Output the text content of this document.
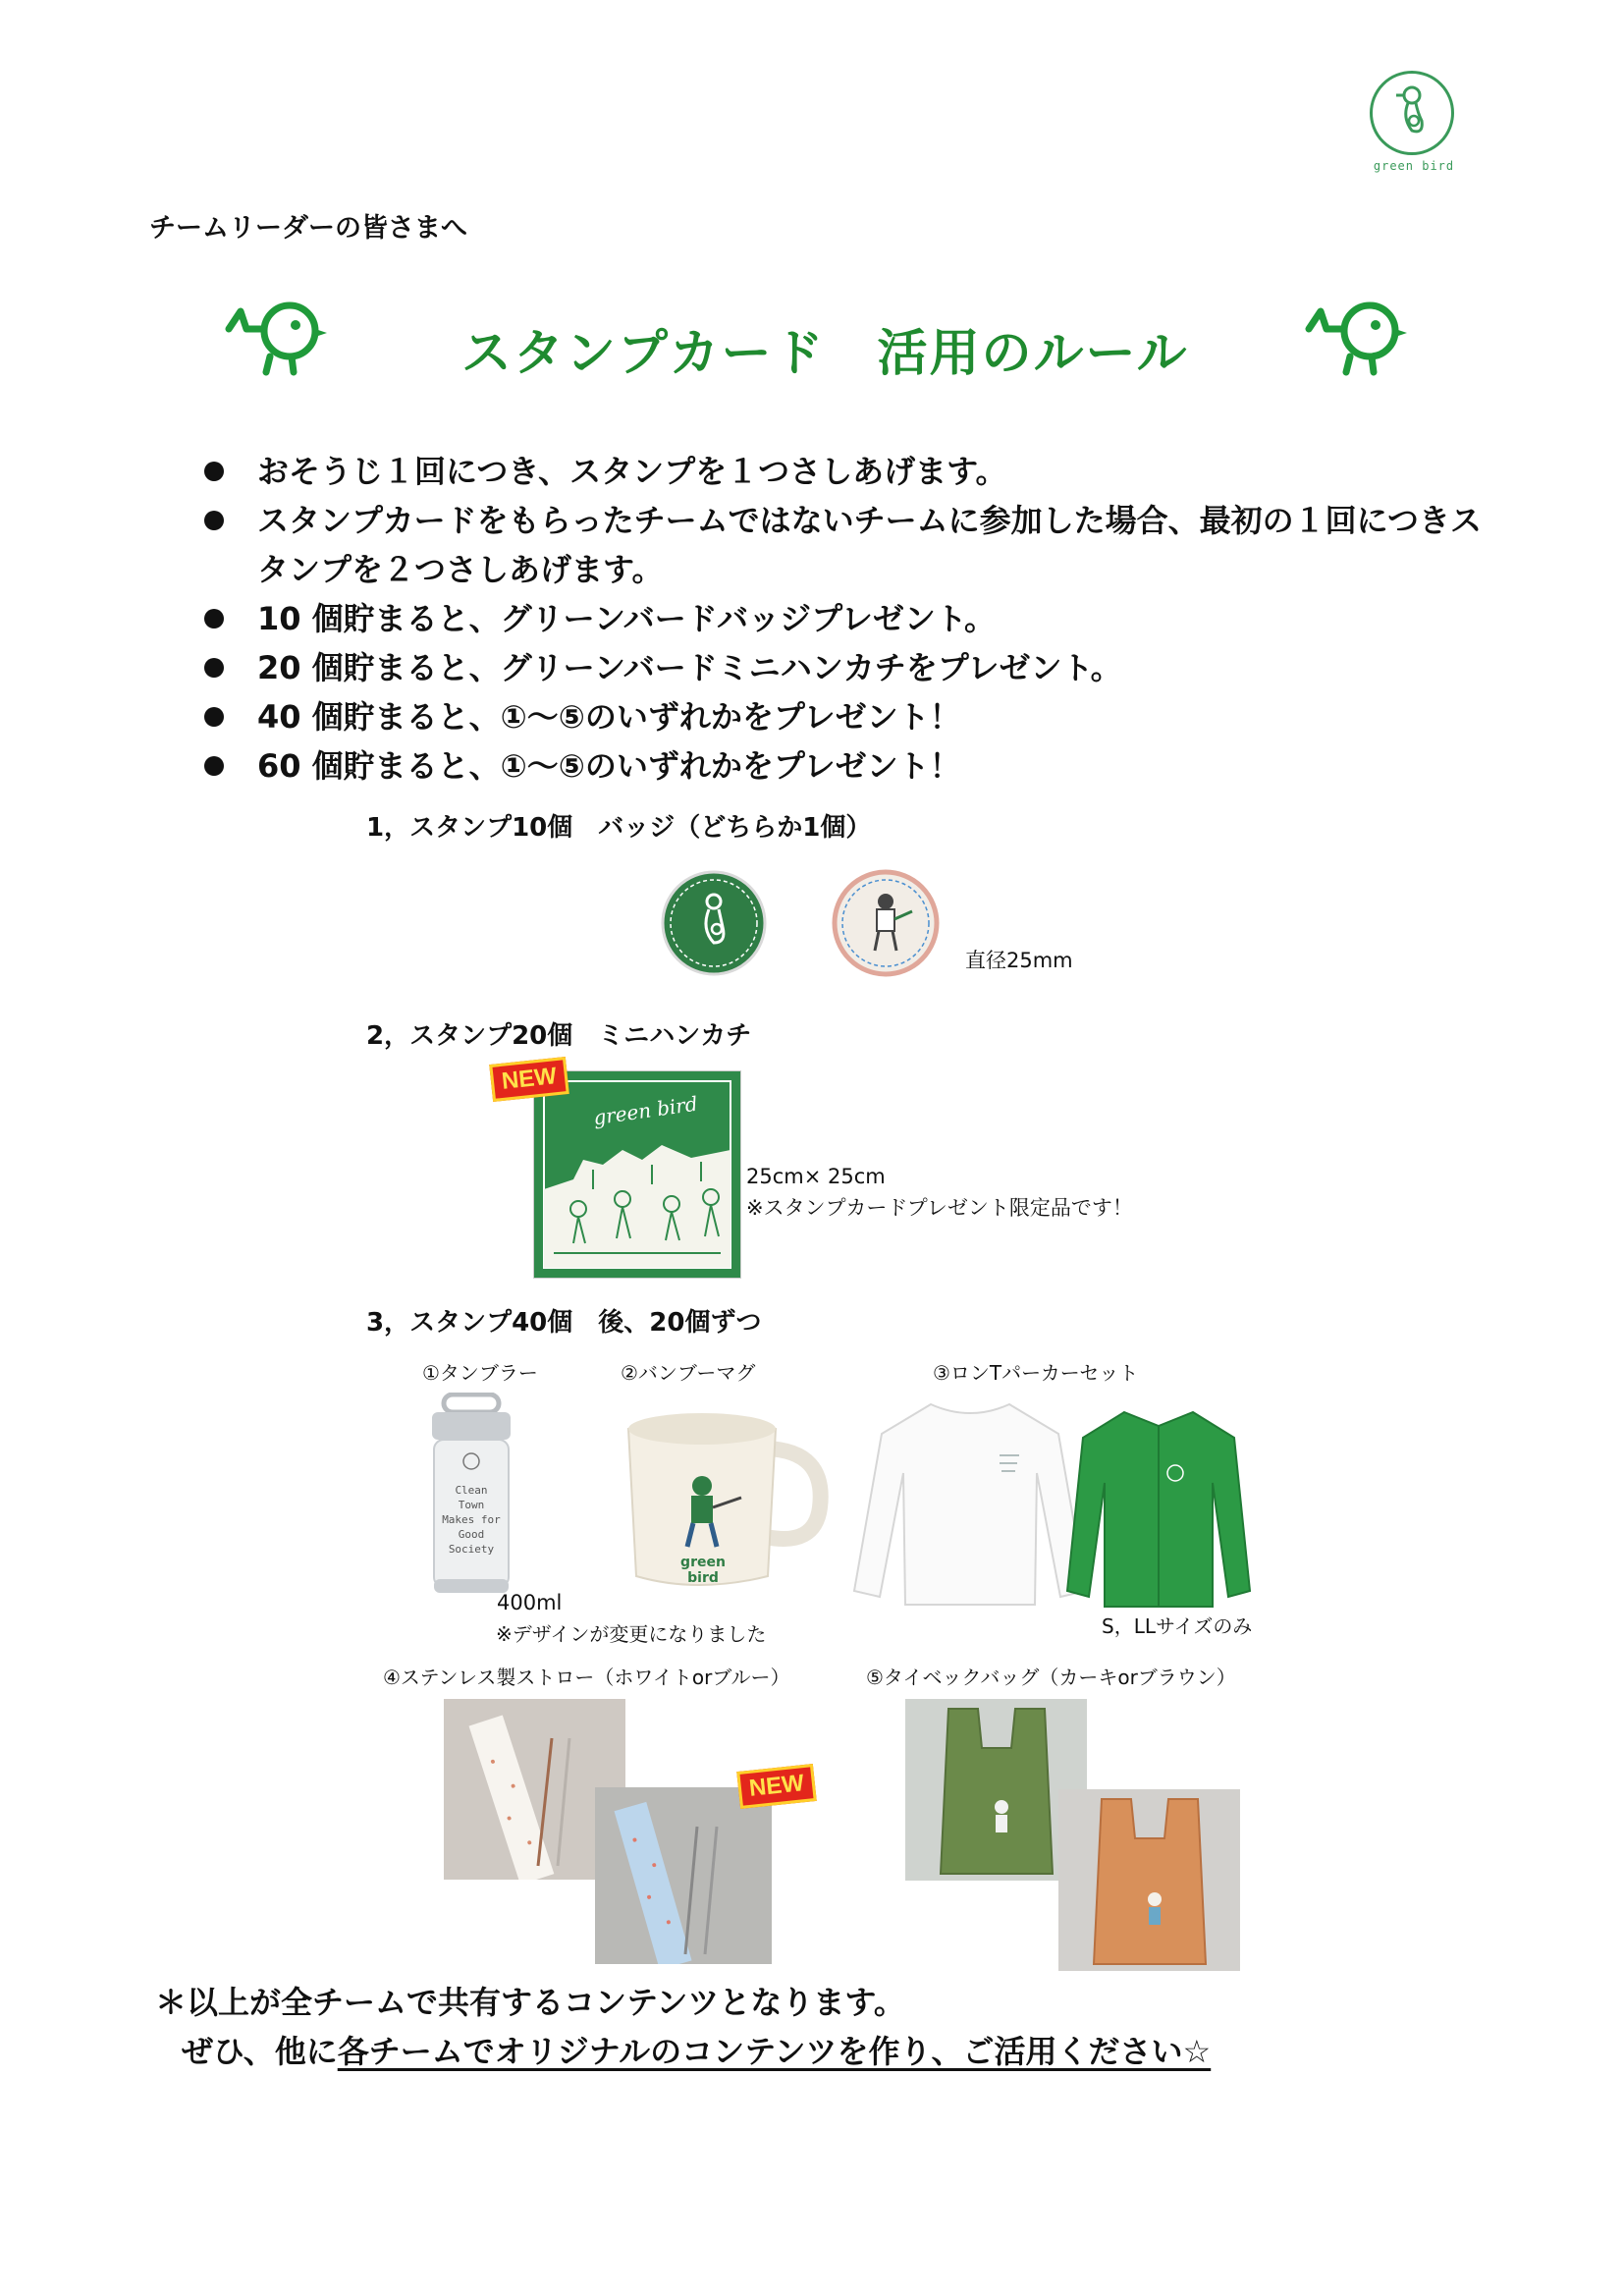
green bird
チームリーダーの皆さまへ
スタンプカード　活用のルール
おそうじ１回につき、スタンプを１つさしあげます。
スタンプカードをもらったチームではないチームに参加した場合、最初の１回につきスタンプを２つさしあげます。
10 個貯まると、グリーンバードバッジプレゼント。
20 個貯まると、グリーンバードミニハンカチをプレゼント。
40 個貯まると、①～⑤のいずれかをプレゼント！
60 個貯まると、①～⑤のいずれかをプレゼント！
1，スタンプ10個　バッジ（どちらか1個）
直径25mm
2，スタンプ20個　ミニハンカチ
green bird
NEW
25cm× 25cm
※スタンプカードプレゼント限定品です！
3，スタンプ40個　後、20個ずつ
①タンブラー	②バンブーマグ	③ロンTパーカーセット
Clean Town Makes for Good Society
400ml
※デザインが変更になりました
green bird
S，LLサイズのみ
④ステンレス製ストロー（ホワイトorブルー）	⑤タイベックバッグ（カーキorブラウン）
NEW
＊以上が全チームで共有するコンテンツとなります。
ぜひ、他に各チームでオリジナルのコンテンツを作り、ご活用ください☆
